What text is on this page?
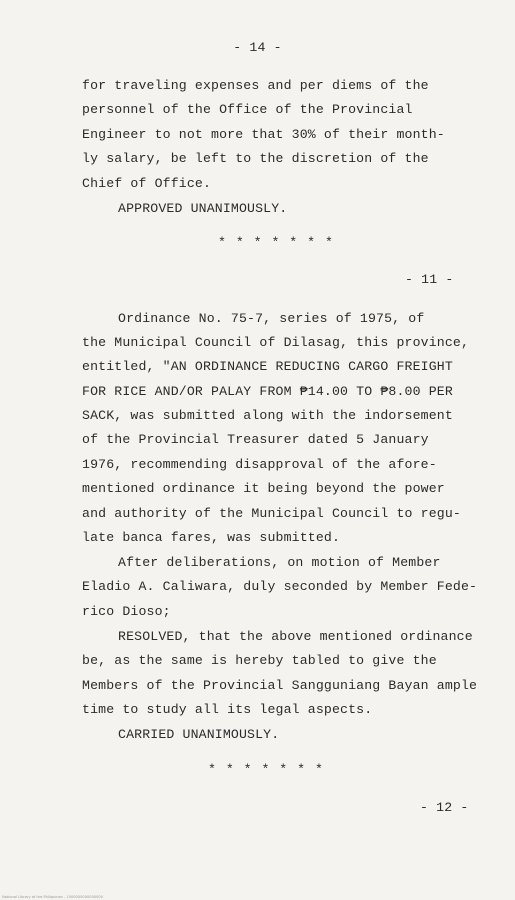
- 14 -
for traveling expenses and per diems of the
personnel of the Office of the Provincial
Engineer to not more that 30% of their month-
ly salary, be left to the discretion of the
Chief of Office.
APPROVED UNANIMOUSLY.
* * * * * * *
- 11 -
Ordinance No. 75-7, series of 1975, of
the Municipal Council of Dilasag, this province,
entitled, "AN ORDINANCE REDUCING CARGO FREIGHT
FOR RICE AND/OR PALAY FROM ₱14.00 TO ₱8.00 PER
SACK, was submitted along with the indorsement
of the Provincial Treasurer dated 5 January
1976, recommending disapproval of the afore-
mentioned ordinance it being beyond the power
and authority of the Municipal Council to regu-
late banca fares, was submitted.
After deliberations, on motion of Member
Eladio A. Caliwara, duly seconded by Member Fede-
rico Dioso;
RESOLVED, that the above mentioned ordinance
be, as the same is hereby tabled to give the
Members of the Provincial Sangguniang Bayan ample
time to study all its legal aspects.
CARRIED UNANIMOUSLY.
* * * * * * *
- 12 -
National Library of the Philippines - 1000000000000000
